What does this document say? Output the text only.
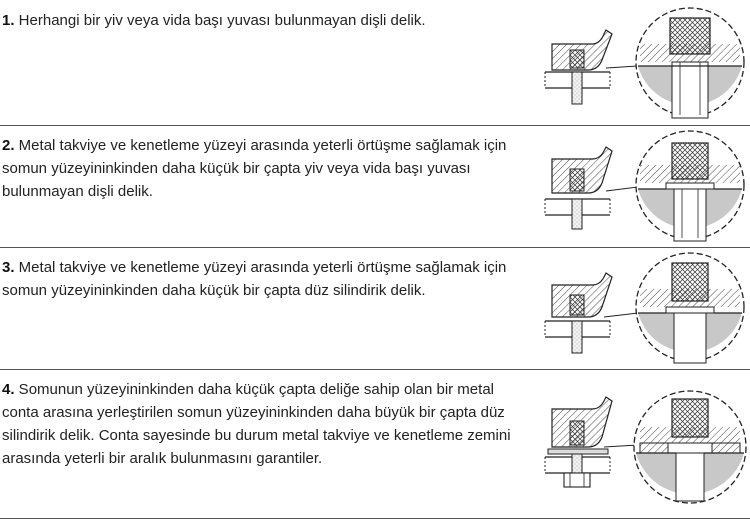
1. Herhangi bir yiv veya vida başı yuvası bulunmayan dişli delik.
2. Metal takviye ve kenetleme yüzeyi arasında yeterli örtüşme sağlamak için somun yüzeyininkinden daha küçük bir çapta yiv veya vida başı yuvası bulunmayan dişli delik.
3. Metal takviye ve kenetleme yüzeyi arasında yeterli örtüşme sağlamak için somun yüzeyininkinden daha küçük bir çapta düz silindirik delik.
4. Somunun yüzeyininkinden daha küçük çapta deliğe sahip olan bir metal conta arasına yerleştirilen somun yüzeyininkinden daha büyük bir çapta düz silindirik delik. Conta sayesinde bu durum metal takviye ve kenetleme zemini arasında yeterli bir aralık bulunmasını garantiler.
